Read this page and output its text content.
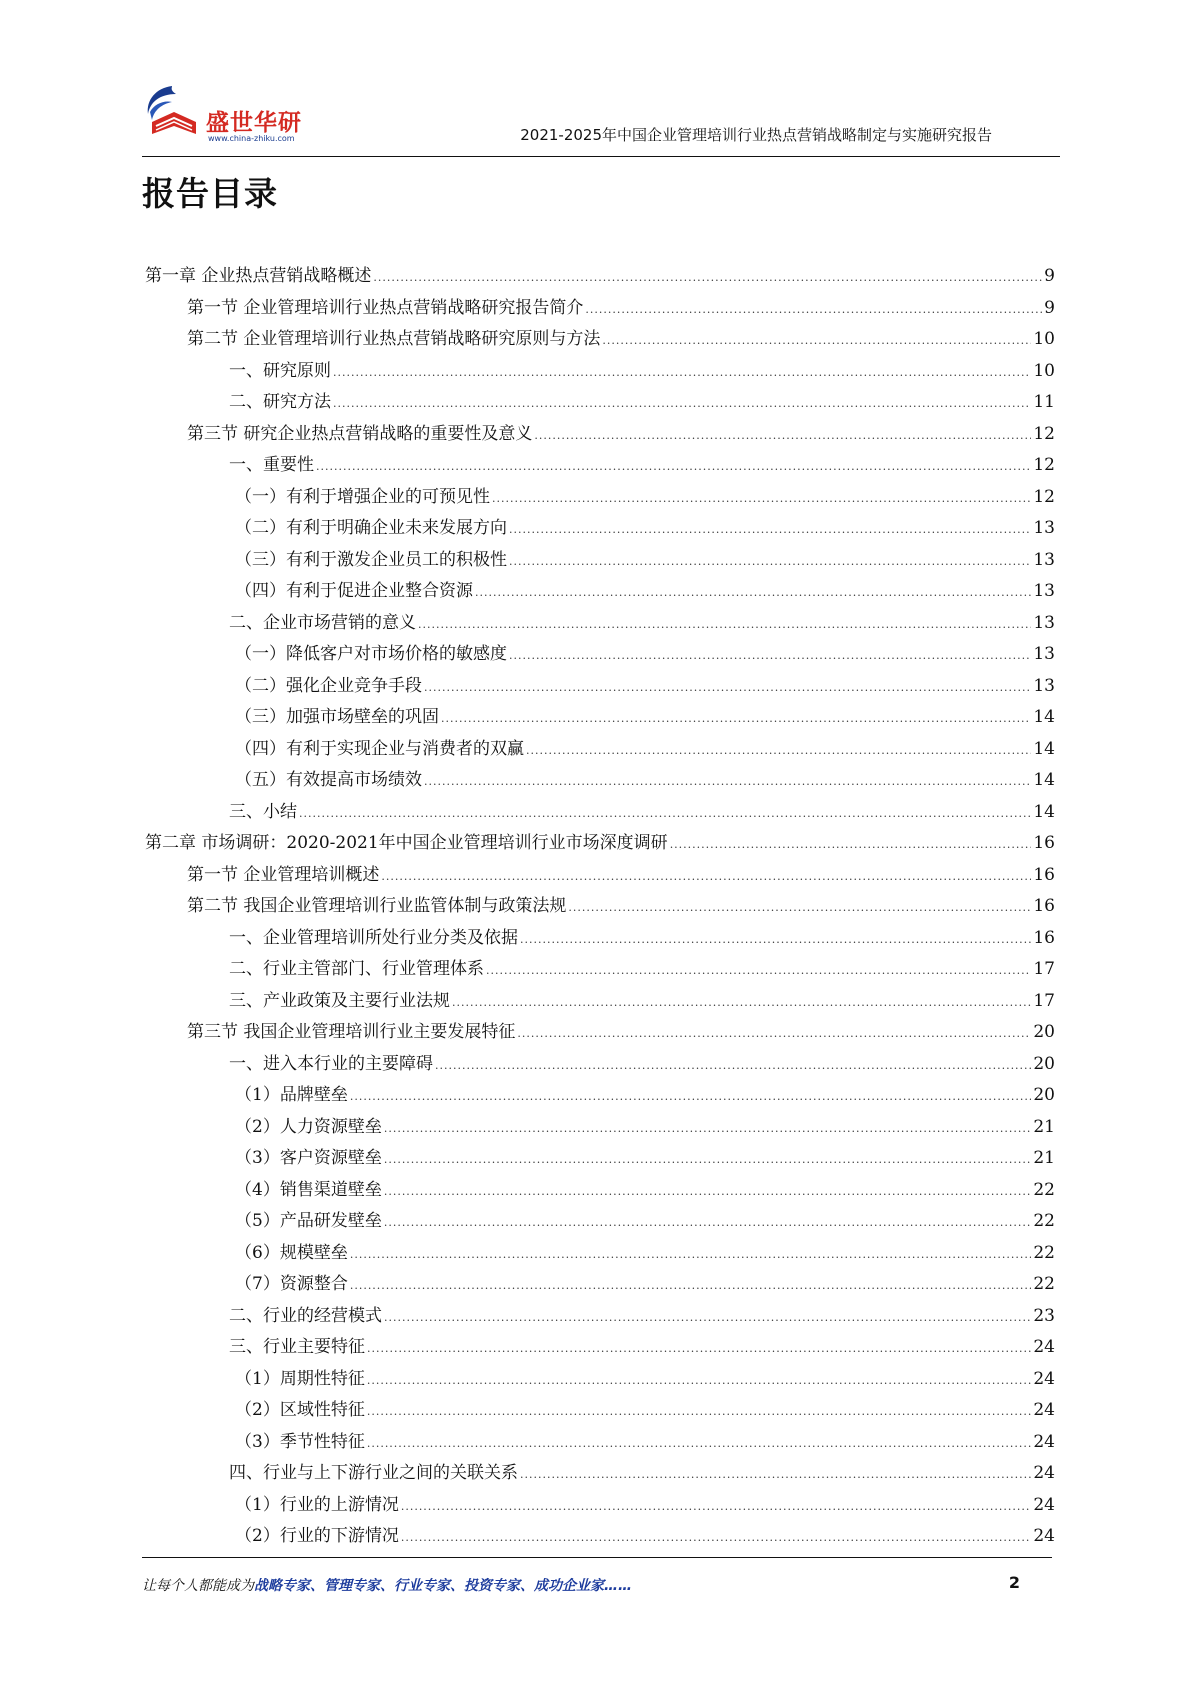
盛世华研
www.china-zhiku.com	2021-2025年中国企业管理培训行业热点营销战略制定与实施研究报告
报告目录
第一章 企业热点营销战略概述 .....	9
第一节 企业管理培训行业热点营销战略研究报告简介 .....	9
第二节 企业管理培训行业热点营销战略研究原则与方法 .....	10
一、研究原则 .....	10
二、研究方法 .....	11
第三节 研究企业热点营销战略的重要性及意义 .....	12
一、重要性 .....	12
（一）有利于增强企业的可预见性 .....	12
（二）有利于明确企业未来发展方向 .....	13
（三）有利于激发企业员工的积极性 .....	13
（四）有利于促进企业整合资源 .....	13
二、企业市场营销的意义 .....	13
（一）降低客户对市场价格的敏感度 .....	13
（二）强化企业竞争手段 .....	13
（三）加强市场壁垒的巩固 .....	14
（四）有利于实现企业与消费者的双赢 .....	14
（五）有效提高市场绩效 .....	14
三、小结 .....	14
第二章 市场调研：2020-2021年中国企业管理培训行业市场深度调研 .....	16
第一节 企业管理培训概述 .....	16
第二节 我国企业管理培训行业监管体制与政策法规 .....	16
一、企业管理培训所处行业分类及依据 .....	16
二、行业主管部门、行业管理体系 .....	17
三、产业政策及主要行业法规 .....	17
第三节 我国企业管理培训行业主要发展特征 .....	20
一、进入本行业的主要障碍 .....	20
（1）品牌壁垒 .....	20
（2）人力资源壁垒 .....	21
（3）客户资源壁垒 .....	21
（4）销售渠道壁垒 .....	22
（5）产品研发壁垒 .....	22
（6）规模壁垒 .....	22
（7）资源整合 .....	22
二、行业的经营模式 .....	23
三、行业主要特征 .....	24
（1）周期性特征 .....	24
（2）区域性特征 .....	24
（3）季节性特征 .....	24
四、行业与上下游行业之间的关联关系 .....	24
（1）行业的上游情况 .....	24
（2）行业的下游情况 .....	24
让每个人都能成为战略专家、管理专家、行业专家、投资专家、成功企业家……	2
